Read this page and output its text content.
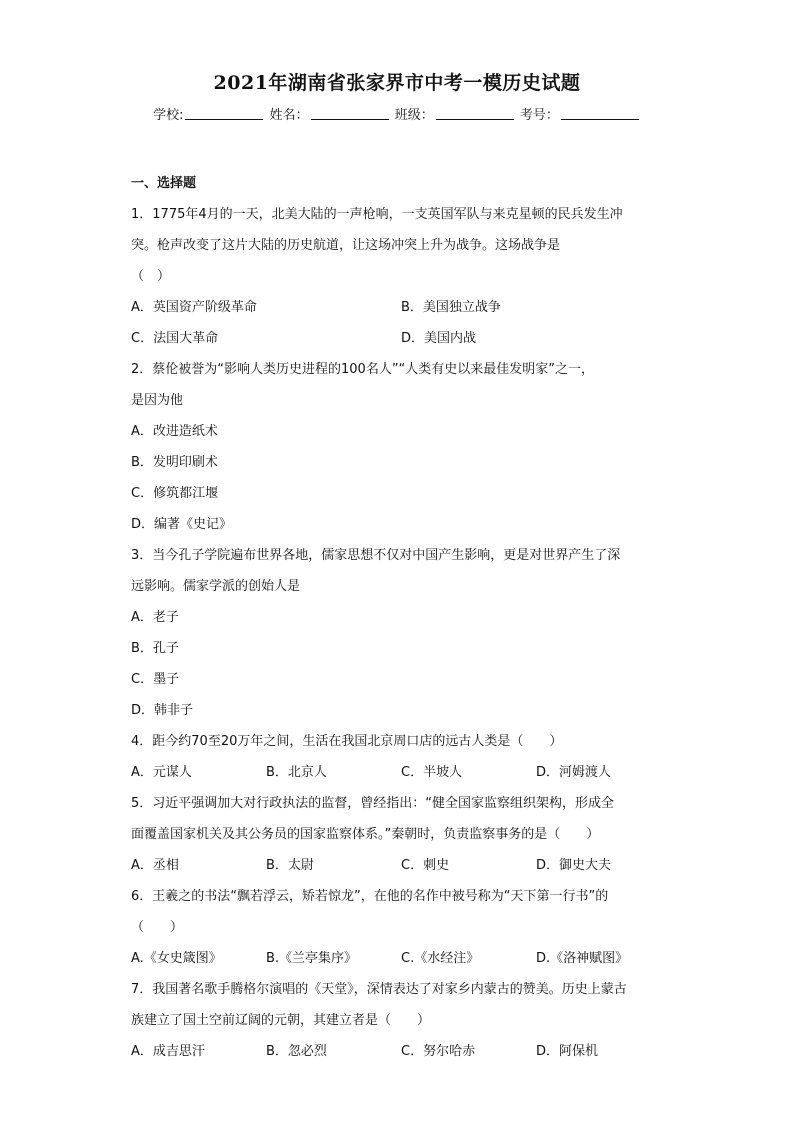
2021年湖南省张家界市中考一模历史试题
学校:	姓名：	班级：	考号：
一、选择题
1．1775年4月的一天，北美大陆的一声枪响，一支英国军队与来克星顿的民兵发生冲
突。枪声改变了这片大陆的历史航道，让这场冲突上升为战争。这场战争是
（　）
A．英国资产阶级革命	B．美国独立战争
C．法国大革命	D．美国内战
2．蔡伦被誉为“影响人类历史进程的100名人”“人类有史以来最佳发明家”之一，
是因为他
A．改进造纸术
B．发明印刷术
C．修筑都江堰
D．编著《史记》
3．当今孔子学院遍布世界各地，儒家思想不仅对中国产生影响，更是对世界产生了深
远影响。儒家学派的创始人是
A．老子
B．孔子
C．墨子
D．韩非子
4．距今约70至20万年之间，生活在我国北京周口店的远古人类是（　　）
A．元谋人	B．北京人	C．半坡人	D．河姆渡人
5．习近平强调加大对行政执法的监督，曾经指出：“健全国家监察组织架构，形成全
面覆盖国家机关及其公务员的国家监察体系。”秦朝时，负责监察事务的是（　　）
A．丞相	B．太尉	C．刺史	D．御史大夫
6．王羲之的书法“飘若浮云，矫若惊龙”，在他的名作中被号称为“天下第一行书”的
（　　）
A.《女史箴图》	B.《兰亭集序》	C.《水经注》	D.《洛神赋图》
7．我国著名歌手腾格尔演唱的《天堂》，深情表达了对家乡内蒙古的赞美。历史上蒙古
族建立了国土空前辽阔的元朝，其建立者是（　　）
A．成吉思汗	B．忽必烈	C．努尔哈赤	D．阿保机
